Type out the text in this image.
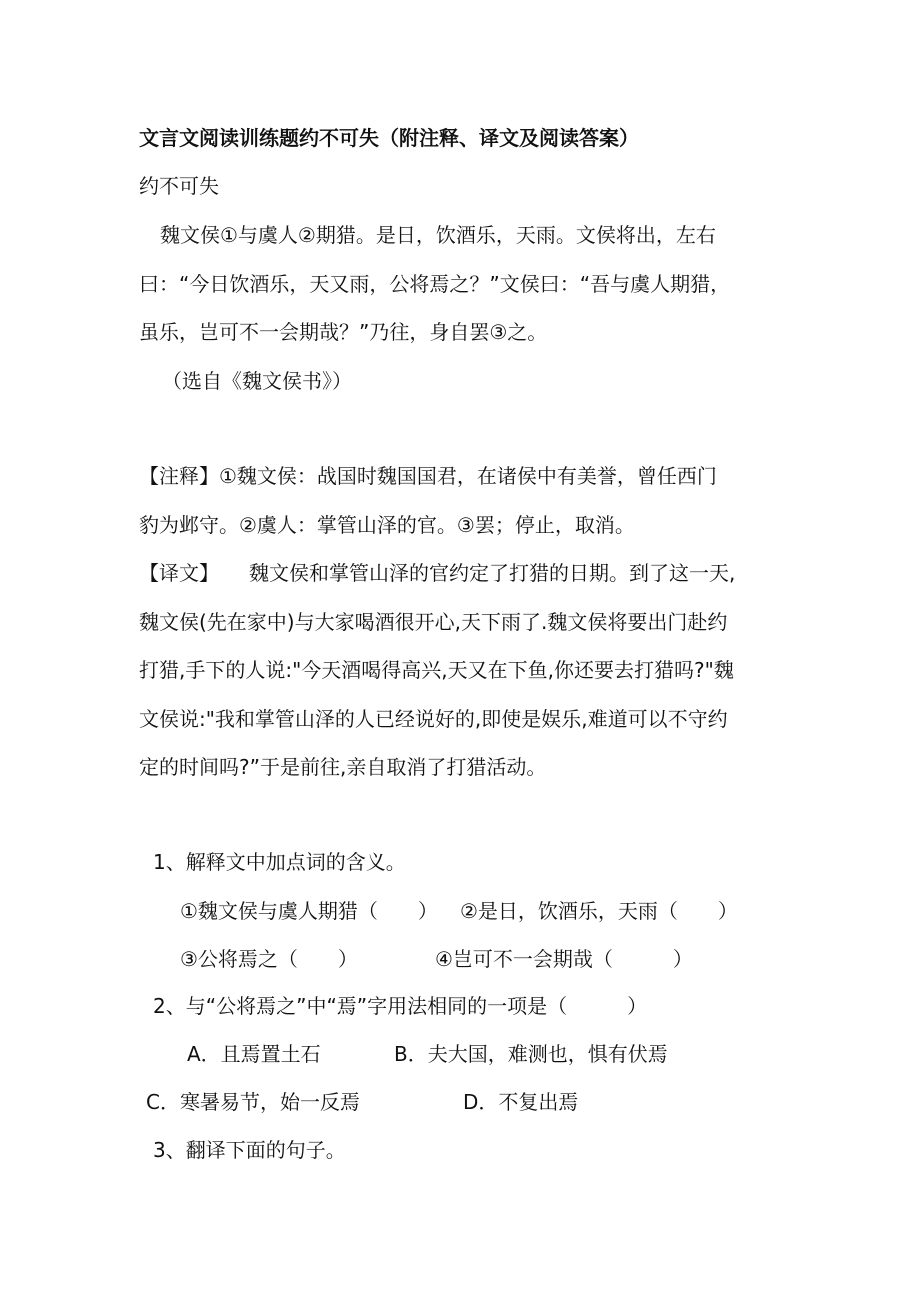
文言文阅读训练题约不可失（附注释、译文及阅读答案）
约不可失
魏文侯①与虞人②期猎。是日，饮酒乐，天雨。文侯将出，左右
曰：“今日饮酒乐，天又雨，公将焉之？”文侯曰：“吾与虞人期猎，
虽乐，岂可不一会期哉？”乃往，身自罢③之。
（选自《魏文侯书》）
【注释】①魏文侯：战国时魏国国君，在诸侯中有美誉，曾任西门
豹为邺守。②虞人：掌管山泽的官。③罢；停止，取消。
【译文】　　魏文侯和掌管山泽的官约定了打猎的日期。到了这一天,
魏文侯(先在家中)与大家喝酒很开心,天下雨了.魏文侯将要出门赴约
打猎,手下的人说:"今天酒喝得高兴,天又在下鱼,你还要去打猎吗?"魏
文侯说:"我和掌管山泽的人已经说好的,即使是娱乐,难道可以不守约
定的时间吗?”于是前往,亲自取消了打猎活动。
1、解释文中加点词的含义。
①魏文侯与虞人期猎（　　） ②是日，饮酒乐，天雨（　　）
③公将焉之（　　）	④岂可不一会期哉（　　　）
2、与“公将焉之”中“焉”字用法相同的一项是（　　　）
A．且焉置土石	B．夫大国，难测也，惧有伏焉
C．寒暑易节，始一反焉	D．不复出焉
3、翻译下面的句子。
